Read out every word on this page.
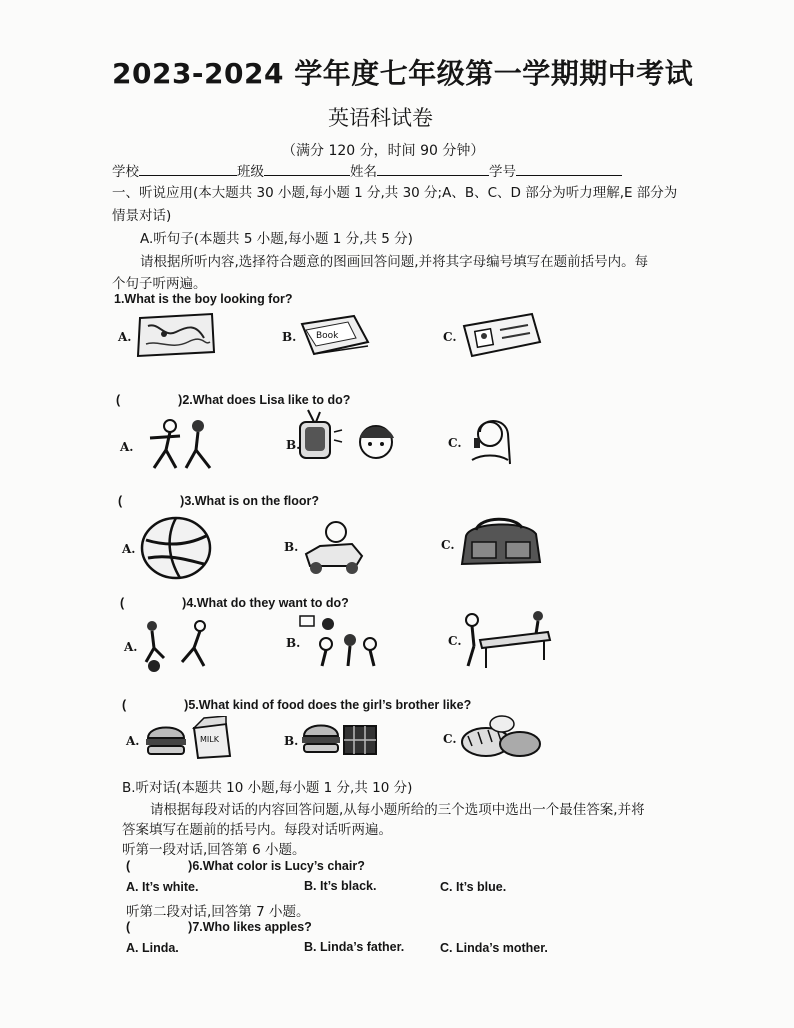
2023-2024 学年度七年级第一学期期中考试
英语科试卷
（满分 120 分，时间 90 分钟）
学校	班级	姓名	学号
一、听说应用(本大题共 30 小题,每小题 1 分,共 30 分;A、B、C、D 部分为听力理解,E 部分为
情景对话)
A.听句子(本题共 5 小题,每小题 1 分,共 5 分)
请根据所听内容,选择符合题意的图画回答问题,并将其字母编号填写在题前括号内。每
个句子听两遍。
1.What is the boy looking for?
A.	B. Book	C.
(	)2.What does Lisa like to do?
A.	B.	C.
(	)3.What is on the floor?
A.	B.	C.
(	)4.What do they want to do?
A.	B.	C.
(	)5.What kind of food does the girl’s brother like?
A.	MILK	B.	C.
B.听对话(本题共 10 小题,每小题 1 分,共 10 分)
请根据每段对话的内容回答问题,从每小题所给的三个选项中选出一个最佳答案,并将
答案填写在题前的括号内。每段对话听两遍。
听第一段对话,回答第 6 小题。
(	)6.What color is Lucy’s chair?
A. It’s white.	B. It’s black.	C. It’s blue.
听第二段对话,回答第 7 小题。
(	)7.Who likes apples?
A. Linda.	B. Linda’s father.	C. Linda’s mother.
